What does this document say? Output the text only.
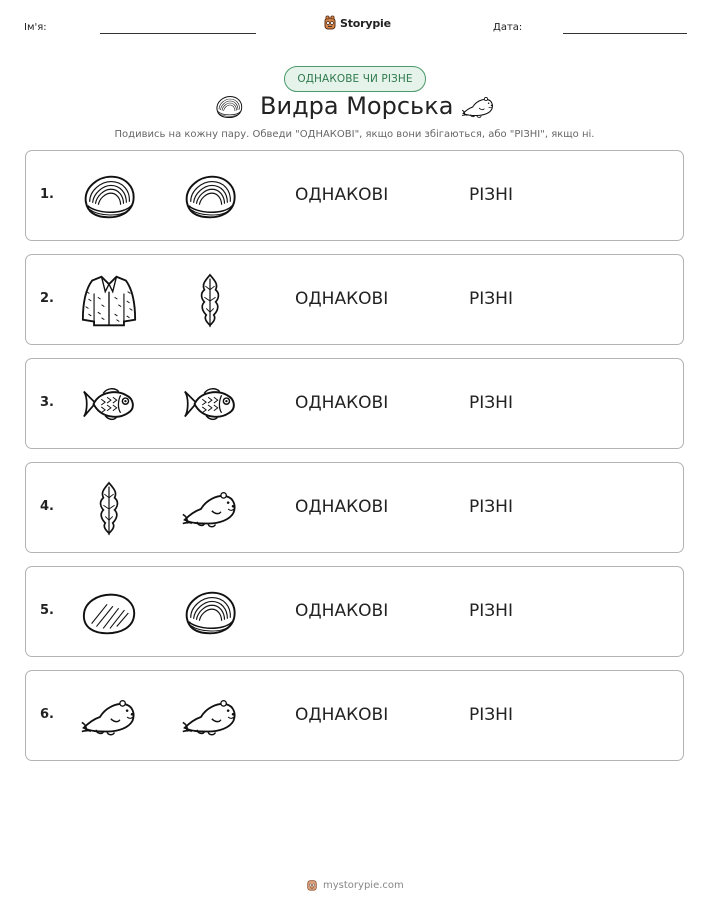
Ім'я:	Storypie	Дата:
ОДНАКОВЕ ЧИ РІЗНЕ
Видра Морська
Подивись на кожну пару. Обведи "ОДНАКОВІ", якщо вони збігаються, або "РІЗНІ", якщо ні.
1.	ОДНАКОВІ	РІЗНІ
2.	ОДНАКОВІ	РІЗНІ
3.	ОДНАКОВІ	РІЗНІ
4.	ОДНАКОВІ	РІЗНІ
5.	ОДНАКОВІ	РІЗНІ
6.	ОДНАКОВІ	РІЗНІ
mystorypie.com
